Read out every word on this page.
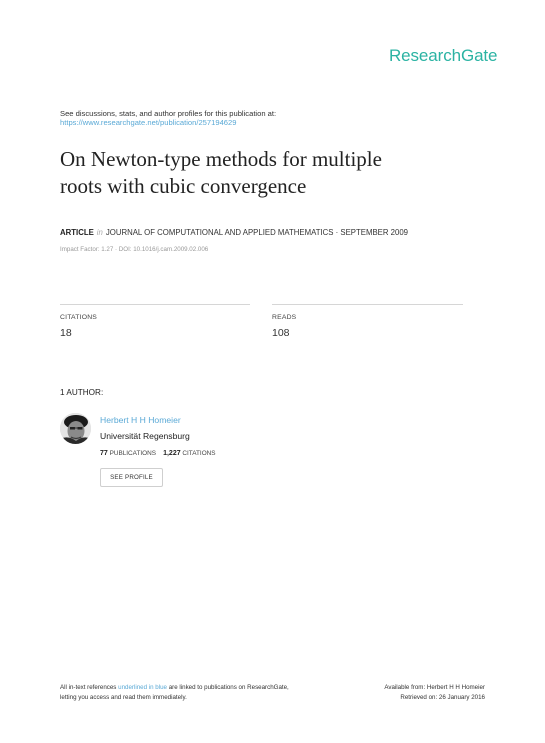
ResearchGate
See discussions, stats, and author profiles for this publication at:
https://www.researchgate.net/publication/257194629
On Newton-type methods for multiple
roots with cubic convergence
ARTICLE in JOURNAL OF COMPUTATIONAL AND APPLIED MATHEMATICS · SEPTEMBER 2009
Impact Factor: 1.27 · DOI: 10.1016/j.cam.2009.02.006
CITATIONS
18
READS
108
1 AUTHOR:
Herbert H H Homeier
Universität Regensburg
77 PUBLICATIONS 1,227 CITATIONS
SEE PROFILE
All in-text references underlined in blue are linked to publications on ResearchGate,
letting you access and read them immediately.
Available from: Herbert H H Homeier
Retrieved on: 26 January 2016
